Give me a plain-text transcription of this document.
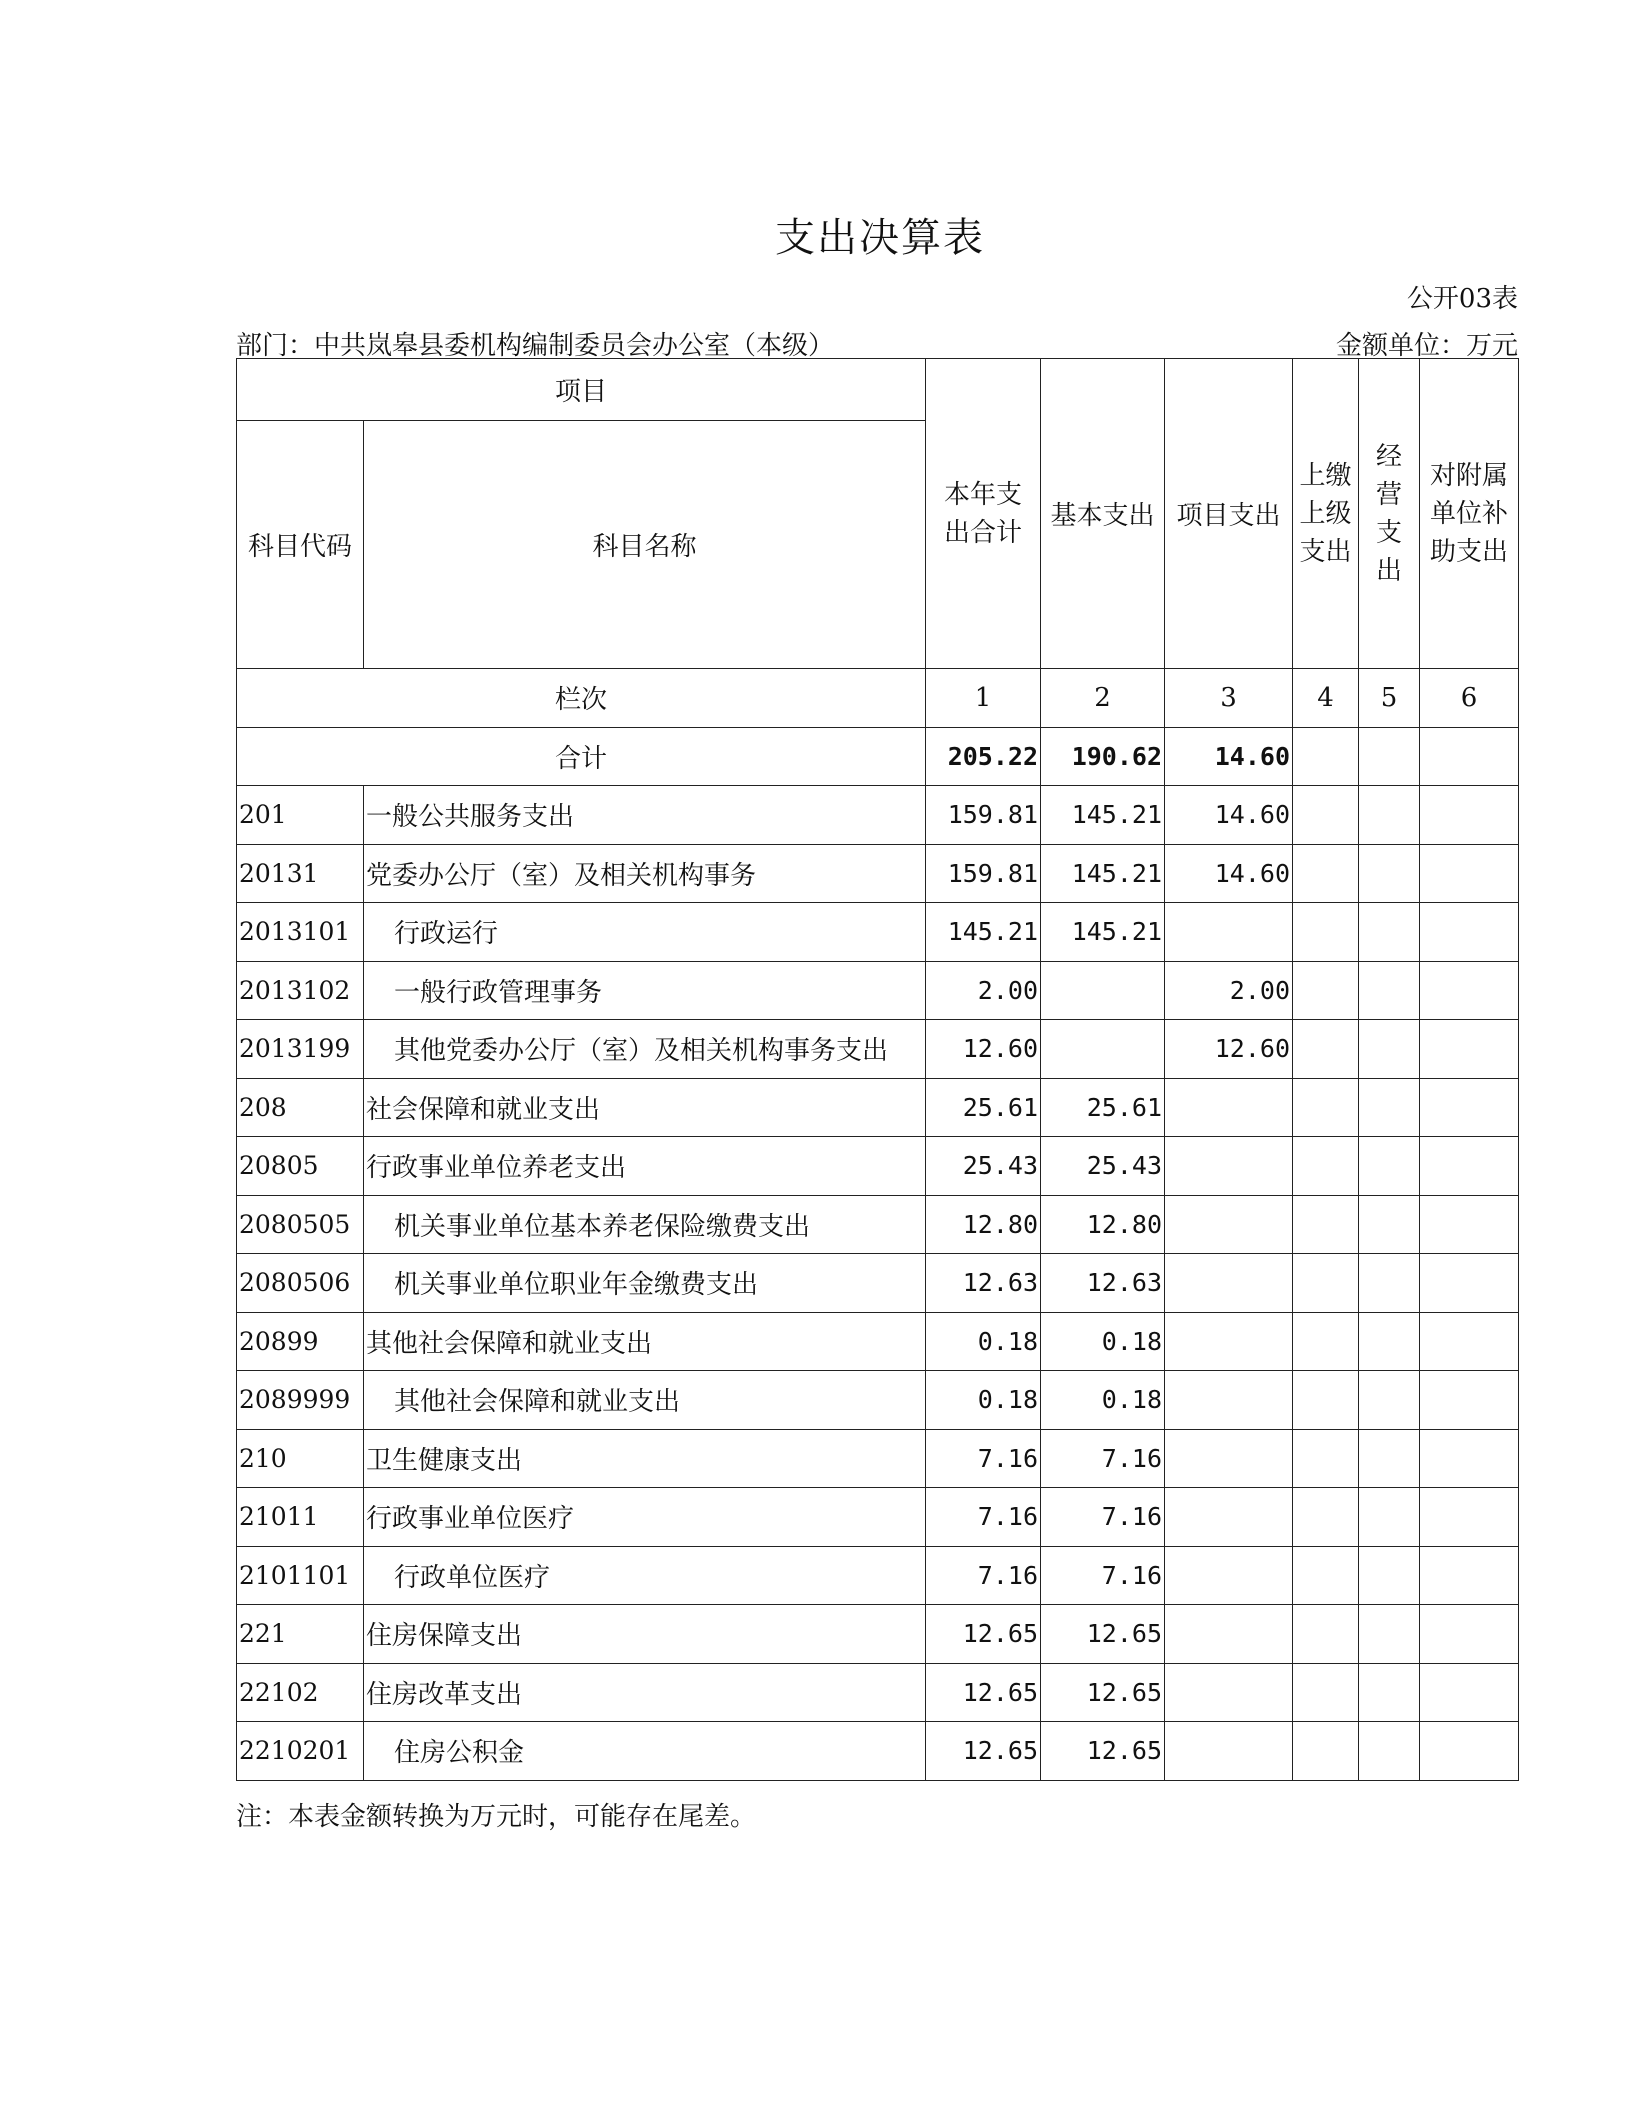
支出决算表
公开03表
部门：中共岚皋县委机构编制委员会办公室（本级）	金额单位：万元
项目		本年支出合计	基本支出	项目支出	上缴上级支出	经营支出	对附属单位补助支出

科目代码	科目名称						
栏次		1	2	3	4	5	6
合计		205.22	190.62	14.60			
201	一般公共服务支出	159.81	145.21	14.60			
20131	党委办公厅（室）及相关机构事务	159.81	145.21	14.60			
2013101	行政运行	145.21	145.21				
2013102	一般行政管理事务	2.00		2.00			
2013199	其他党委办公厅（室）及相关机构事务支出	12.60		12.60			
208	社会保障和就业支出	25.61	25.61				
20805	行政事业单位养老支出	25.43	25.43				
2080505	机关事业单位基本养老保险缴费支出	12.80	12.80				
2080506	机关事业单位职业年金缴费支出	12.63	12.63				
20899	其他社会保障和就业支出	0.18	0.18				
2089999	其他社会保障和就业支出	0.18	0.18				
210	卫生健康支出	7.16	7.16				
21011	行政事业单位医疗	7.16	7.16				
2101101	行政单位医疗	7.16	7.16				
221	住房保障支出	12.65	12.65				
22102	住房改革支出	12.65	12.65				
2210201	住房公积金	12.65	12.65				
注：本表金额转换为万元时，可能存在尾差。
